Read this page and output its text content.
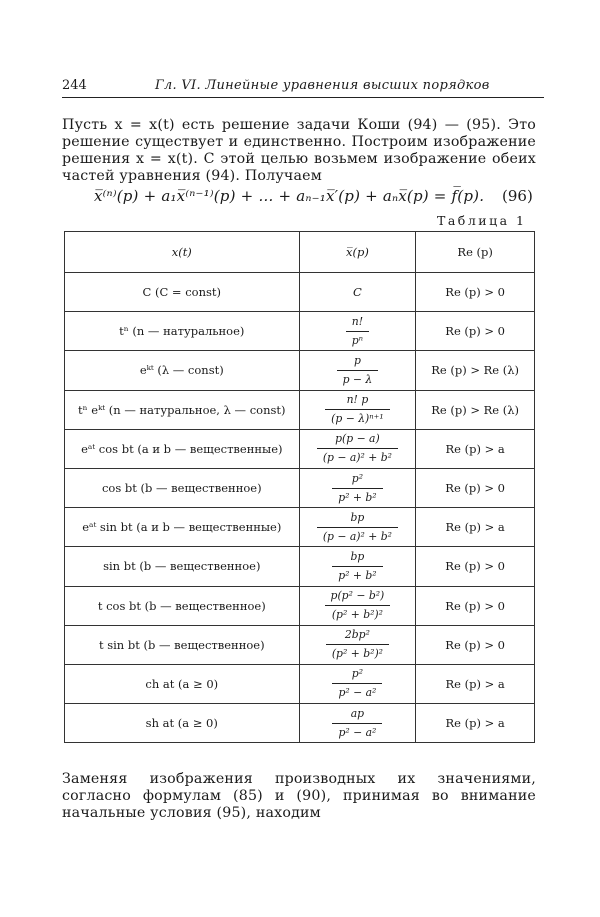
244	Гл. VI. Линейные уравнения высших порядков

Пусть x = x(t) есть решение задачи Коши (94) — (95). Это решение существует и единственно. Построим изображение решения x = x(t). С этой целью возьмем изображение обеих частей уравнения (94). Получаем

x̅⁽ⁿ⁾(p) + a₁x̅⁽ⁿ⁻¹⁾(p) + … + aₙ₋₁x̅′(p) + aₙx̅(p) = f̅(p). (96)
Таблица 1
x(t)	x̅(p)	Re (p)
C (C = const)	C	Re (p) > 0
tⁿ (n — натуральное)	$\frac{n!}{\text{pⁿ}}$	Re (p) > 0
eᵏᵗ (λ — const)	$\frac{p}{p - \lambda}$	Re (p) > Re (λ)
tⁿ eᵏᵗ (n — натуральное, λ — const)	$\frac{n! p}{\text{(p − λ)ⁿ⁺¹}}$	Re (p) > Re (λ)
eᵃᵗ cos bt (a и b — вещественные)	$\frac{p(p - a)}{\text{(p − a)² + b²}}$	Re (p) > a
cos bt (b — вещественное)	$\frac{\text{p²}}{\text{p² + b²}}$	Re (p) > 0
eᵃᵗ sin bt (a и b — вещественные)	$\frac{bp}{\text{(p − a)² + b²}}$	Re (p) > a
sin bt (b — вещественное)	$\frac{bp}{\text{p² + b²}}$	Re (p) > 0
t cos bt (b — вещественное)	$\frac{\text{p(p² − b²)}}{\text{(p² + b²)²}}$	Re (p) > 0
t sin bt (b — вещественное)	$\frac{\text{2bp²}}{\text{(p² + b²)²}}$	Re (p) > 0
ch at (a ≥ 0)	$\frac{\text{p²}}{\text{p² − a²}}$	Re (p) > a
sh at (a ≥ 0)	$\frac{ap}{\text{p² − a²}}$	Re (p) > a

Заменяя изображения производных их значениями, согласно формулам (85) и (90), принимая во внимание начальные условия (95), находим
